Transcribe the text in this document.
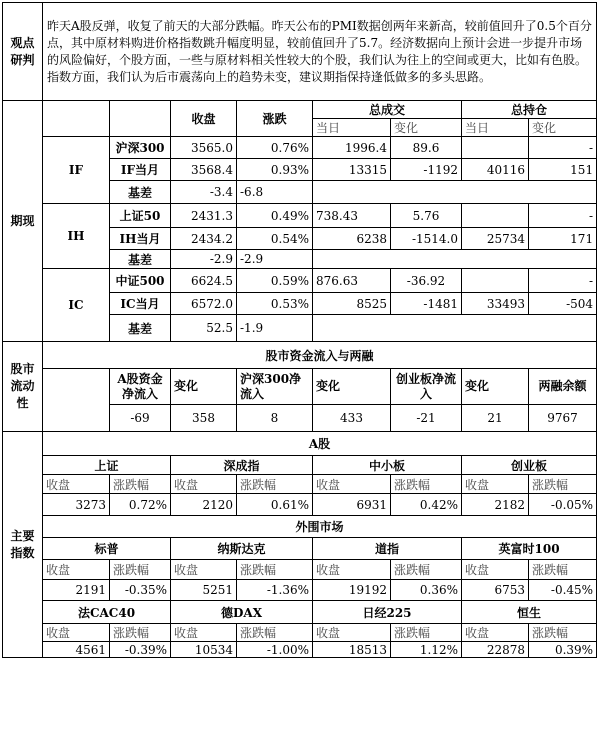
观点研判	昨天A股反弹，收复了前天的大部分跌幅。昨天公布的PMI数据创两年来新高，较前值回升了0.5个百分点，其中原材料购进价格指数跳升幅度明显，较前值回升了5.7。经济数据向上预计会进一步提升市场的风险偏好，个股方面，一些与原材料相关性较大的个股，我们认为往上的空间或更大，比如有色股。指数方面，我们认为后市震荡向上的趋势未变，建议期指保持逢低做多的多头思路。							
期现			收盘	涨跌	总成交		总持仓	
					当日	变化	当日	变化
	IF	沪深300	3565.0	0.76%	1996.4	89.6		-
		IF当月	3568.4	0.93%	13315	-1192	40116	151
		基差	-3.4	-6.8				
	IH	上证50	2431.3	0.49%	738.43	5.76		-
		IH当月	2434.2	0.54%	6238	-1514.0	25734	171
		基差	-2.9	-2.9				
	IC	中证500	6624.5	0.59%	876.63	-36.92		-
		IC当月	6572.0	0.53%	8525	-1481	33493	-504
		基差	52.5	-1.9				
股市流动性	股市资金流入与两融							
		A股资金净流入	变化	沪深300净流入	变化	创业板净流入	变化	两融余额
		-69	358	8	433	-21	21	9767
主要指数	A股							
	上证		深成指		中小板		创业板	
	收盘	涨跌幅	收盘	涨跌幅	收盘	涨跌幅	收盘	涨跌幅
	3273	0.72%	2120	0.61%	6931	0.42%	2182	-0.05%
	外围市场							
	标普		纳斯达克		道指		英富时100	
	收盘	涨跌幅	收盘	涨跌幅	收盘	涨跌幅	收盘	涨跌幅
	2191	-0.35%	5251	-1.36%	19192	0.36%	6753	-0.45%
	法CAC40		德DAX		日经225		恒生	
	收盘	涨跌幅	收盘	涨跌幅	收盘	涨跌幅	收盘	涨跌幅
	4561	-0.39%	10534	-1.00%	18513	1.12%	22878	0.39%
